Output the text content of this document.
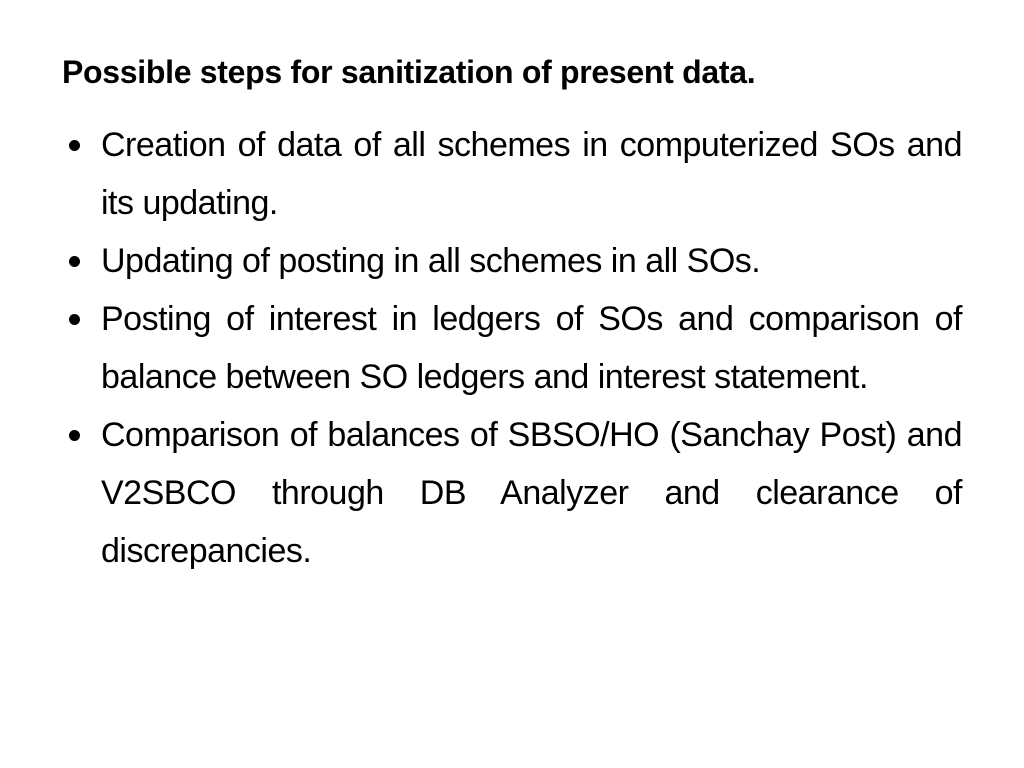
Possible steps for sanitization of present data.
Creation of data of all schemes in computerized SOs and its updating.
Updating of posting in all schemes in all SOs.
Posting of interest in ledgers of SOs and comparison of balance between SO ledgers and interest statement.
Comparison of balances of SBSO/HO (Sanchay Post) and V2SBCO through DB Analyzer and clearance of discrepancies.
